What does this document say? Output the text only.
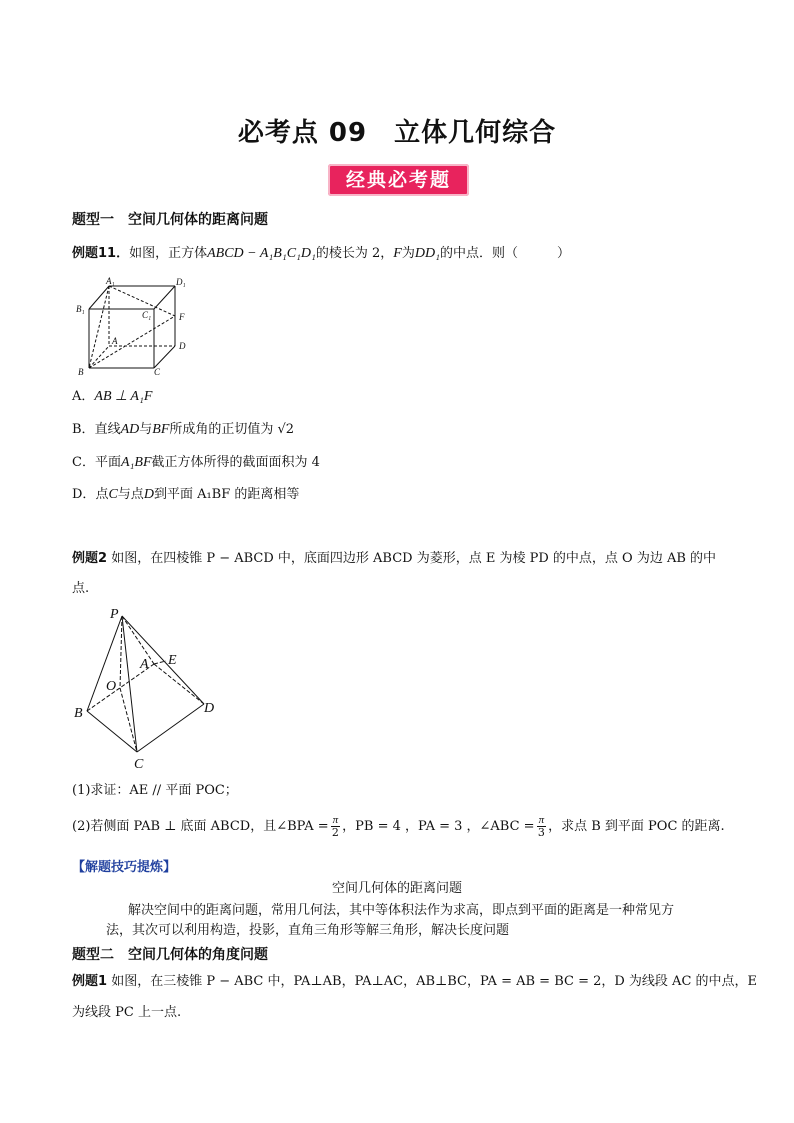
必考点 09　立体几何综合
经典必考题
题型一　空间几何体的距离问题
例题11．如图，正方体ABCD − A₁B₁C₁D₁的棱长为 2，F为DD₁的中点．则（　　　）
A₁	D₁
B₁
C₁	F
A	D
B	C
A．AB ⊥ A₁F
B．直线AD与BF所成角的正切值为 √2
C．平面A₁BF截正方体所得的截面面积为 4
D．点C与点D到平面 A₁BF 的距离相等
例题2 如图，在四棱锥 P − ABCD 中，底面四边形 ABCD 为菱形，点 E 为棱 PD 的中点，点 O 为边 AB 的中
点.
P
A E
O
B	D
C
(1)求证：AE // 平面 POC；
(2)若侧面 PAB ⊥ 底面 ABCD，且∠BPA = $\frac{\pi}{2}$ ，PB = 4 ，PA = 3 ，∠ABC = $\frac{\pi}{3}$ ，求点 B 到平面 POC 的距离.
【解题技巧提炼】
空间几何体的距离问题
解决空间中的距离问题，常用几何法，其中等体积法作为求高，即点到平面的距离是一种常见方
法，其次可以利用构造，投影，直角三角形等解三角形，解决长度问题
题型二　空间几何体的角度问题
例题1 如图，在三棱锥 P − ABC 中，PA⊥AB，PA⊥AC，AB⊥BC，PA = AB = BC = 2，D 为线段 AC 的中点，E
为线段 PC 上一点.
